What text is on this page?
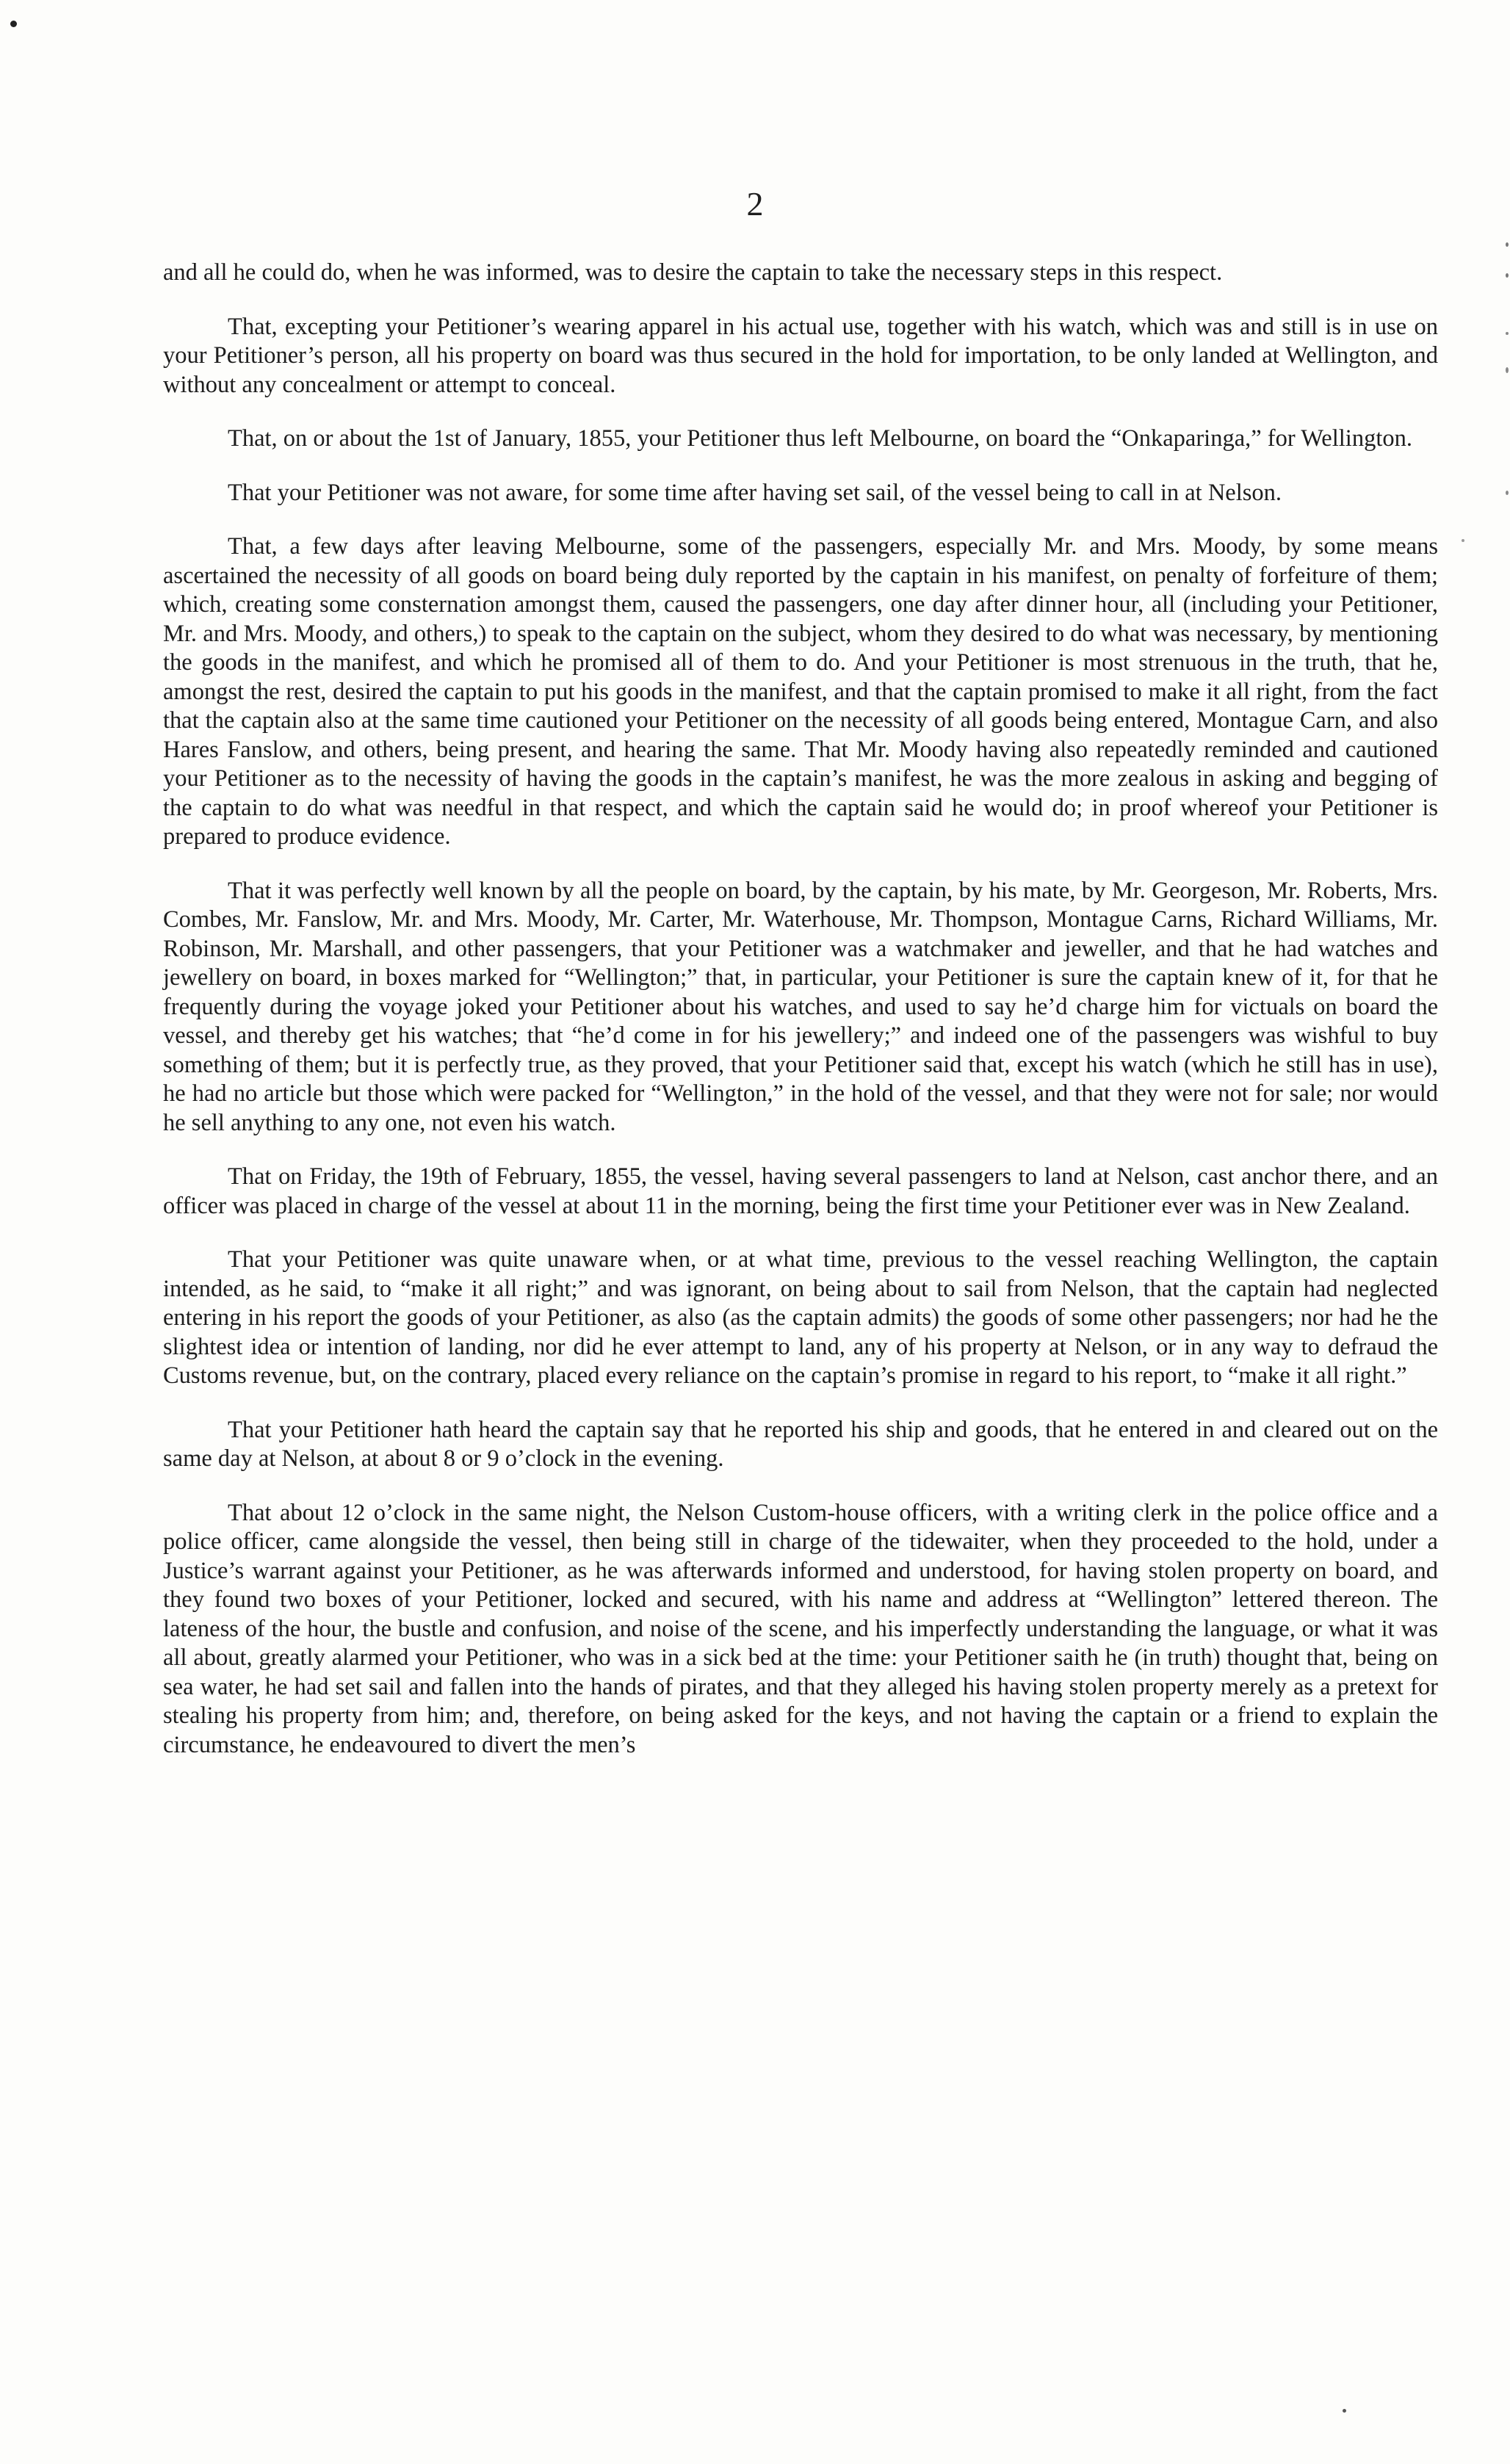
2

and all he could do, when he was informed, was to desire the captain to take the necessary steps in this respect.

That, excepting your Petitioner’s wearing apparel in his actual use, together with his watch, which was and still is in use on your Petitioner’s person, all his property on board was thus secured in the hold for importation, to be only landed at Wellington, and without any concealment or attempt to conceal.

That, on or about the 1st of January, 1855, your Petitioner thus left Melbourne, on board the “Onkaparinga,” for Wellington.

That your Petitioner was not aware, for some time after having set sail, of the vessel being to call in at Nelson.

That, a few days after leaving Melbourne, some of the passengers, especially Mr. and Mrs. Moody, by some means ascertained the necessity of all goods on board being duly reported by the captain in his manifest, on penalty of forfeiture of them; which, creating some consternation amongst them, caused the passengers, one day after dinner hour, all (including your Petitioner, Mr. and Mrs. Moody, and others,) to speak to the captain on the subject, whom they desired to do what was necessary, by mentioning the goods in the manifest, and which he promised all of them to do. And your Petitioner is most strenuous in the truth, that he, amongst the rest, desired the captain to put his goods in the manifest, and that the captain promised to make it all right, from the fact that the captain also at the same time cautioned your Petitioner on the necessity of all goods being entered, Montague Carn, and also Hares Fanslow, and others, being present, and hearing the same. That Mr. Moody having also repeatedly reminded and cautioned your Petitioner as to the necessity of having the goods in the captain’s manifest, he was the more zealous in asking and begging of the captain to do what was needful in that respect, and which the captain said he would do; in proof whereof your Petitioner is prepared to produce evidence.

That it was perfectly well known by all the people on board, by the captain, by his mate, by Mr. Georgeson, Mr. Roberts, Mrs. Combes, Mr. Fanslow, Mr. and Mrs. Moody, Mr. Carter, Mr. Waterhouse, Mr. Thompson, Montague Carns, Richard Williams, Mr. Robinson, Mr. Marshall, and other passengers, that your Petitioner was a watchmaker and jeweller, and that he had watches and jewellery on board, in boxes marked for “Wellington;” that, in particular, your Petitioner is sure the captain knew of it, for that he frequently during the voyage joked your Petitioner about his watches, and used to say he’d charge him for victuals on board the vessel, and thereby get his watches; that “he’d come in for his jewellery;” and indeed one of the passengers was wishful to buy something of them; but it is perfectly true, as they proved, that your Petitioner said that, except his watch (which he still has in use), he had no article but those which were packed for “Wellington,” in the hold of the vessel, and that they were not for sale; nor would he sell anything to any one, not even his watch.

That on Friday, the 19th of February, 1855, the vessel, having several passengers to land at Nelson, cast anchor there, and an officer was placed in charge of the vessel at about 11 in the morning, being the first time your Petitioner ever was in New Zealand.

That your Petitioner was quite unaware when, or at what time, previous to the vessel reaching Wellington, the captain intended, as he said, to “make it all right;” and was ignorant, on being about to sail from Nelson, that the captain had neglected entering in his report the goods of your Petitioner, as also (as the captain admits) the goods of some other passengers; nor had he the slightest idea or intention of landing, nor did he ever attempt to land, any of his property at Nelson, or in any way to defraud the Customs revenue, but, on the contrary, placed every reliance on the captain’s promise in regard to his report, to “make it all right.”

That your Petitioner hath heard the captain say that he reported his ship and goods, that he entered in and cleared out on the same day at Nelson, at about 8 or 9 o’clock in the evening.

That about 12 o’clock in the same night, the Nelson Custom-house officers, with a writing clerk in the police office and a police officer, came alongside the vessel, then being still in charge of the tidewaiter, when they proceeded to the hold, under a Justice’s warrant against your Petitioner, as he was afterwards informed and understood, for having stolen property on board, and they found two boxes of your Petitioner, locked and secured, with his name and address at “Wellington” lettered thereon. The lateness of the hour, the bustle and confusion, and noise of the scene, and his imperfectly understanding the language, or what it was all about, greatly alarmed your Petitioner, who was in a sick bed at the time: your Petitioner saith he (in truth) thought that, being on sea water, he had set sail and fallen into the hands of pirates, and that they alleged his having stolen property merely as a pretext for stealing his property from him; and, therefore, on being asked for the keys, and not having the captain or a friend to explain the circumstance, he endeavoured to divert the men’s
